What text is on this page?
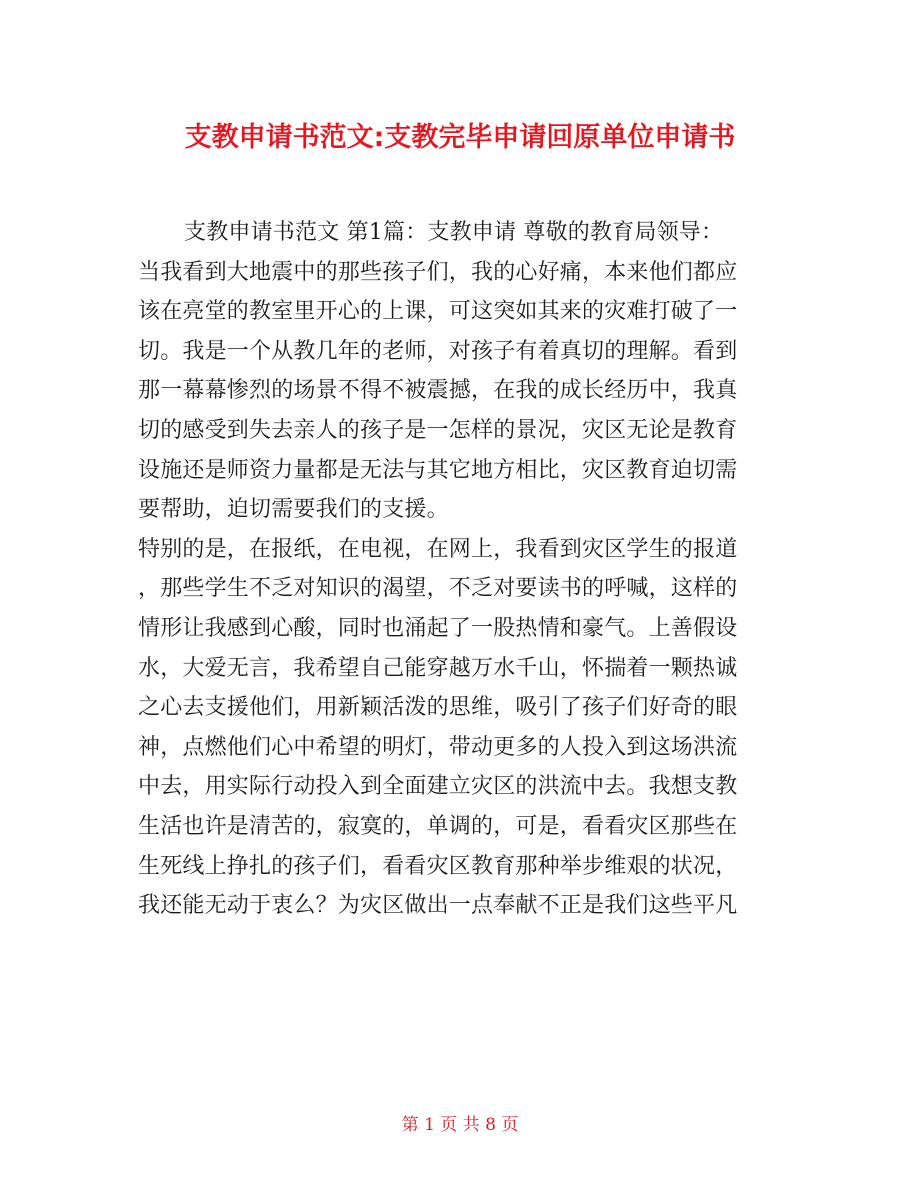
支教申请书范文:支教完毕申请回原单位申请书
支教申请书范文 第1篇：支教申请 尊敬的教育局领导：
当我看到大地震中的那些孩子们，我的心好痛，本来他们都应
该在亮堂的教室里开心的上课，可这突如其来的灾难打破了一
切。我是一个从教几年的老师，对孩子有着真切的理解。看到
那一幕幕惨烈的场景不得不被震撼，在我的成长经历中，我真
切的感受到失去亲人的孩子是一怎样的景况，灾区无论是教育
设施还是师资力量都是无法与其它地方相比，灾区教育迫切需
要帮助，迫切需要我们的支援。
特别的是，在报纸，在电视，在网上，我看到灾区学生的报道
，那些学生不乏对知识的渴望，不乏对要读书的呼喊，这样的
情形让我感到心酸，同时也涌起了一股热情和豪气。上善假设
水，大爱无言，我希望自己能穿越万水千山，怀揣着一颗热诚
之心去支援他们，用新颖活泼的思维，吸引了孩子们好奇的眼
神，点燃他们心中希望的明灯，带动更多的人投入到这场洪流
中去，用实际行动投入到全面建立灾区的洪流中去。我想支教
生活也许是清苦的，寂寞的，单调的，可是，看看灾区那些在
生死线上挣扎的孩子们，看看灾区教育那种举步维艰的状况，
我还能无动于衷么？为灾区做出一点奉献不正是我们这些平凡
第 1 页 共 8 页
